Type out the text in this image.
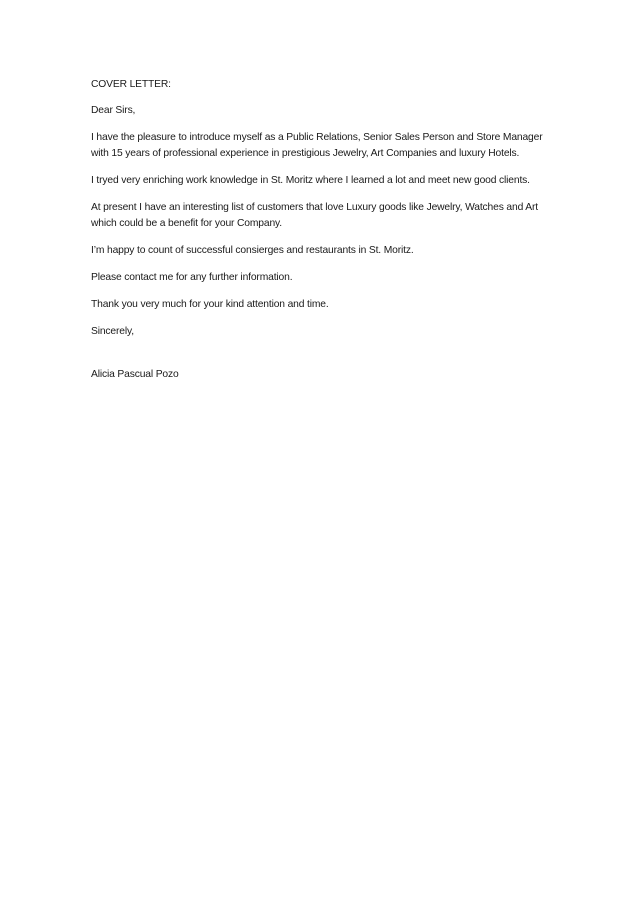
COVER LETTER:

Dear Sirs,

I have the pleasure to introduce myself as a Public Relations, Senior Sales Person and Store Manager with 15 years of professional experience in prestigious Jewelry, Art Companies and luxury Hotels.

I tryed very enriching work knowledge in St. Moritz where I learned a lot and meet new good clients.

At present I have an interesting list of customers that love Luxury goods like Jewelry, Watches and Art which could be a benefit for your Company.

I’m happy to count of successful consierges and restaurants in St. Moritz.

Please contact me for any further information.

Thank you very much for your kind attention and time.

Sincerely,

Alicia Pascual Pozo
